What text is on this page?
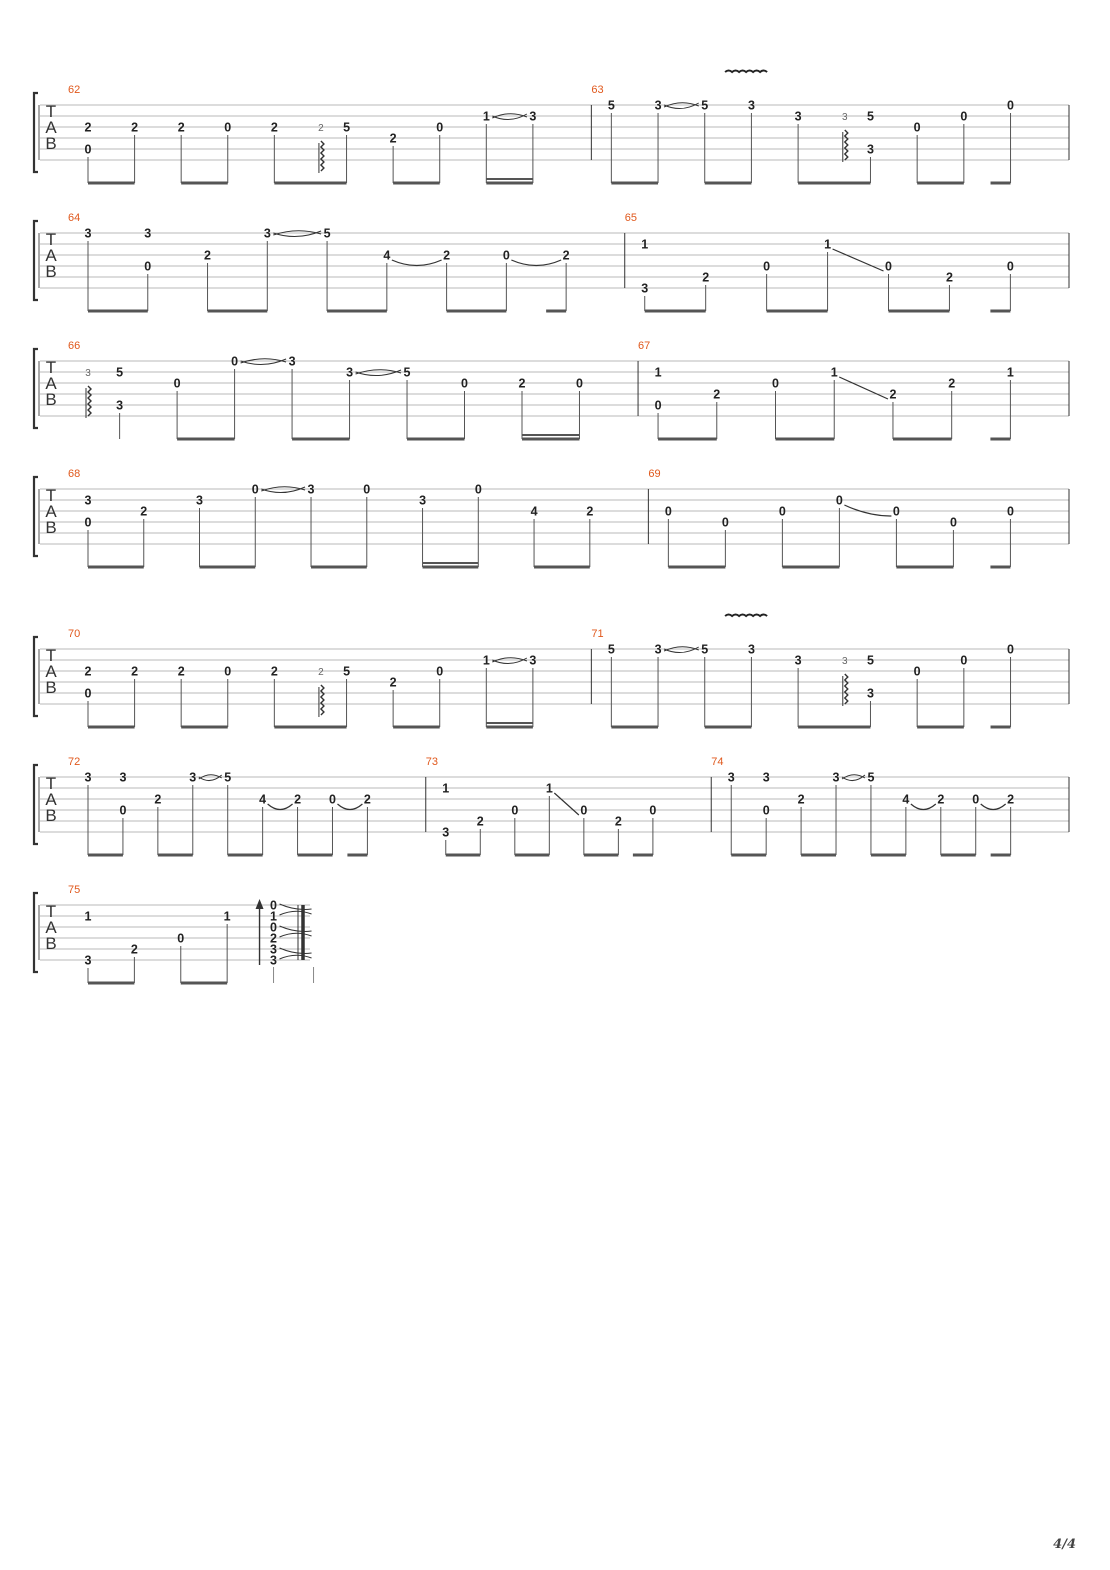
T
A
B
62
2
0
2	2	0	2	2 5
2
0
1	3
63
5	3	5	3
3	3 5
3
0
0
0
T
A
B
64
3	3
0
2
3	5
4	2	0	2
65
1
3
2
0
1
0
2
0
T
A
B
66
3 5
3
0
0	3
3	5
0	2	0
67
1
0
2
0
1
2
2
1
T
A
B
68
3
0
2
3
0	3	0
3
0
4	2
69
0
0
0
0
0
0
0
T
A
B
70
2
0
2	2	0	2	2 5
2
0
1	3
71
5	3	5	3
3	3 5
3
0
0
0
T
A
B
72
3 3
0
2
3 5
4 2 0 2
73
1
3
2
0
1
0
2
0
74
3 3
0
2
3 5
4 2 0 2
T
A
B
75
1
3
2
0
1
0
1
0
2
3
3
4/4
